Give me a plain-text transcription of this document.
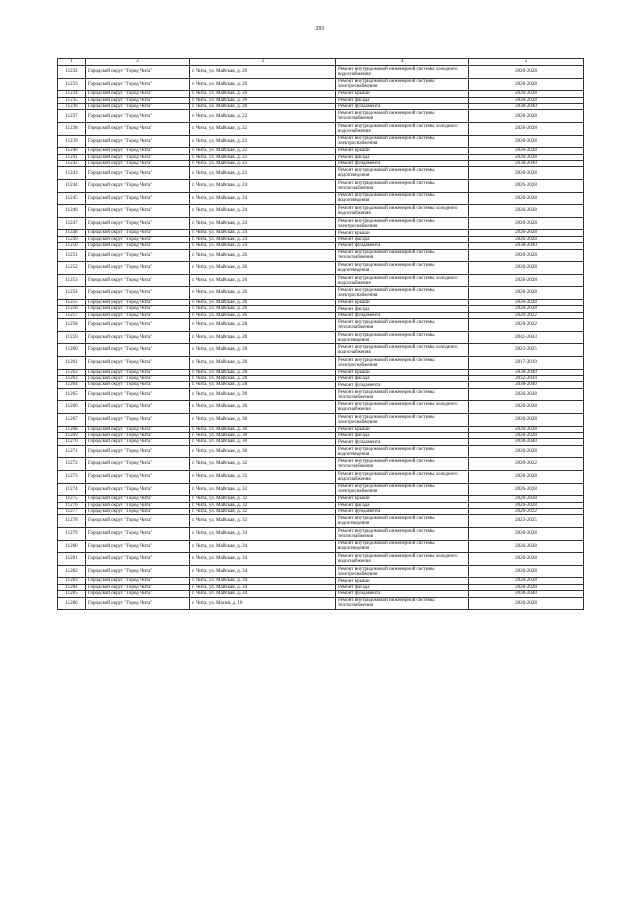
291
1	2	3	4	5
11232	Городской округ "Город Чита"	г. Чита, ул. Майская, д. 20	Ремонт внутридомовой инженерной системы холодного водоснабжения	2026-2028
11233	Городской округ "Город Чита"	г. Чита, ул. Майская, д. 20	Ремонт внутридомовой инженерной системы электроснабжения	2026-2028
11234	Городской округ "Город Чита"	г. Чита, ул. Майская, д. 20	Ремонт крыши	2026-2028
11235	Городской округ "Город Чита"	г. Чита, ул. Майская, д. 20	Ремонт фасада	2026-2028
11236	Городской округ "Город Чита"	г. Чита, ул. Майская, д. 20	Ремонт фундамента	2038-2040
11237	Городской округ "Город Чита"	г. Чита, ул. Майская, д. 22	Ремонт внутридомовой инженерной системы теплоснабжения	2026-2028
11238	Городской округ "Город Чита"	г. Чита, ул. Майская, д. 22	Ремонт внутридомовой инженерной системы холодного водоснабжения	2026-2028
11239	Городской округ "Город Чита"	г. Чита, ул. Майская, д. 22	Ремонт внутридомовой инженерной системы электроснабжения	2026-2028
11240	Городской округ "Город Чита"	г. Чита, ул. Майская, д. 22	Ремонт крыши	2026-2028
11241	Городской округ "Город Чита"	г. Чита, ул. Майская, д. 22	Ремонт фасада	2026-2028
11242	Городской округ "Город Чита"	г. Чита, ул. Майская, д. 22	Ремонт фундамента	2038-2040
11243	Городской округ "Город Чита"	г. Чита, ул. Майская, д. 22	Ремонт внутридомовой инженерной системы водоотведения	2026-2028
11244	Городской округ "Город Чита"	г. Чита, ул. Майская, д. 24	Ремонт внутридомовой инженерной системы теплоснабжения	2026-2028
11245	Городской округ "Город Чита"	г. Чита, ул. Майская, д. 24	Ремонт внутридомовой инженерной системы водоотведения	2026-2028
11246	Городской округ "Город Чита"	г. Чита, ул. Майская, д. 24	Ремонт внутридомовой инженерной системы холодного водоснабжения	2026-2028
11247	Городской округ "Город Чита"	г. Чита, ул. Майская, д. 24	Ремонт внутридомовой инженерной системы электроснабжения	2026-2028
11248	Городской округ "Город Чита"	г. Чита, ул. Майская, д. 24	Ремонт крыши	2026-2028
11249	Городской округ "Город Чита"	г. Чита, ул. Майская, д. 24	Ремонт фасада	2026-2028
11250	Городской округ "Город Чита"	г. Чита, ул. Майская, д. 24	Ремонт фундамента	2038-2040
11251	Городской округ "Город Чита"	г. Чита, ул. Майская, д. 26	Ремонт внутридомовой инженерной системы теплоснабжения	2026-2028
11252	Городской округ "Город Чита"	г. Чита, ул. Майская, д. 26	Ремонт внутридомовой инженерной системы водоотведения	2026-2028
11253	Городской округ "Город Чита"	г. Чита, ул. Майская, д. 26	Ремонт внутридомовой инженерной системы холодного водоснабжения	2026-2028
11254	Городской округ "Город Чита"	г. Чита, ул. Майская, д. 26	Ремонт внутридомовой инженерной системы электроснабжения	2026-2028
11255	Городской округ "Город Чита"	г. Чита, ул. Майская, д. 26	Ремонт крыши	2026-2028
11256	Городской округ "Город Чита"	г. Чита, ул. Майская, д. 26	Ремонт фасада	2026-2028
11257	Городской округ "Город Чита"	г. Чита, ул. Майская, д. 26	Ремонт фундамента	2020-2022
11258	Городской округ "Город Чита"	г. Чита, ул. Майская, д. 28	Ремонт внутридомовой инженерной системы теплоснабжения	2020-2022
11259	Городской округ "Город Чита"	г. Чита, ул. Майская, д. 28	Ремонт внутридомовой инженерной системы водоотведения	2041-2043
11260	Городской округ "Город Чита"	г. Чита, ул. Майская, д. 28	Ремонт внутридомовой инженерной системы холодного водоснабжения	2023-2025
11261	Городской округ "Город Чита"	г. Чита, ул. Майская, д. 28	Ремонт внутридомовой инженерной системы электроснабжения	2017-2019
11262	Городской округ "Город Чита"	г. Чита, ул. Майская, д. 28	Ремонт крыши	2038-2040
11263	Городской округ "Город Чита"	г. Чита, ул. Майская, д. 28	Ремонт фасада	2032-2034
11264	Городской округ "Город Чита"	г. Чита, ул. Майская, д. 28	Ремонт фундамента	2038-2040
11265	Городской округ "Город Чита"	г. Чита, ул. Майская, д. 30	Ремонт внутридомовой инженерной системы теплоснабжения	2026-2028
11266	Городской округ "Город Чита"	г. Чита, ул. Майская, д. 30	Ремонт внутридомовой инженерной системы холодного водоснабжения	2026-2028
11267	Городской округ "Город Чита"	г. Чита, ул. Майская, д. 30	Ремонт внутридомовой инженерной системы электроснабжения	2026-2028
11268	Городской округ "Город Чита"	г. Чита, ул. Майская, д. 30	Ремонт крыши	2026-2028
11269	Городской округ "Город Чита"	г. Чита, ул. Майская, д. 30	Ремонт фасада	2026-2028
11270	Городской округ "Город Чита"	г. Чита, ул. Майская, д. 30	Ремонт фундамента	2038-2040
11271	Городской округ "Город Чита"	г. Чита, ул. Майская, д. 30	Ремонт внутридомовой инженерной системы водоотведения	2026-2028
11272	Городской округ "Город Чита"	г. Чита, ул. Майская, д. 32	Ремонт внутридомовой инженерной системы теплоснабжения	2020-2022
11273	Городской округ "Город Чита"	г. Чита, ул. Майская, д. 32	Ремонт внутридомовой инженерной системы холодного водоснабжения	2026-2028
11274	Городской округ "Город Чита"	г. Чита, ул. Майская, д. 32	Ремонт внутридомовой инженерной системы электроснабжения	2026-2028
11275	Городской округ "Город Чита"	г. Чита, ул. Майская, д. 32	Ремонт крыши	2026-2028
11276	Городской округ "Город Чита"	г. Чита, ул. Майская, д. 32	Ремонт фасада	2026-2028
11277	Городской округ "Город Чита"	г. Чита, ул. Майская, д. 32	Ремонт фундамента	2020-2022
11278	Городской округ "Город Чита"	г. Чита, ул. Майская, д. 32	Ремонт внутридомовой инженерной системы водоотведения	2023-2025
11279	Городской округ "Город Чита"	г. Чита, ул. Майская, д. 34	Ремонт внутридомовой инженерной системы теплоснабжения	2026-2028
11280	Городской округ "Город Чита"	г. Чита, ул. Майская, д. 34	Ремонт внутридомовой инженерной системы водоотведения	2026-2028
11281	Городской округ "Город Чита"	г. Чита, ул. Майская, д. 34	Ремонт внутридомовой инженерной системы холодного водоснабжения	2026-2028
11282	Городской округ "Город Чита"	г. Чита, ул. Майская, д. 34	Ремонт внутридомовой инженерной системы электроснабжения	2026-2028
11283	Городской округ "Город Чита"	г. Чита, ул. Майская, д. 34	Ремонт крыши	2026-2028
11284	Городской округ "Город Чита"	г. Чита, ул. Майская, д. 34	Ремонт фасада	2026-2028
11285	Городской округ "Город Чита"	г. Чита, ул. Майская, д. 34	Ремонт фундамента	2038-2040
11286	Городской округ "Город Чита"	г. Чита, ул. Магия, д. 10	Ремонт внутридомовой инженерной системы теплоснабжения	2026-2028
